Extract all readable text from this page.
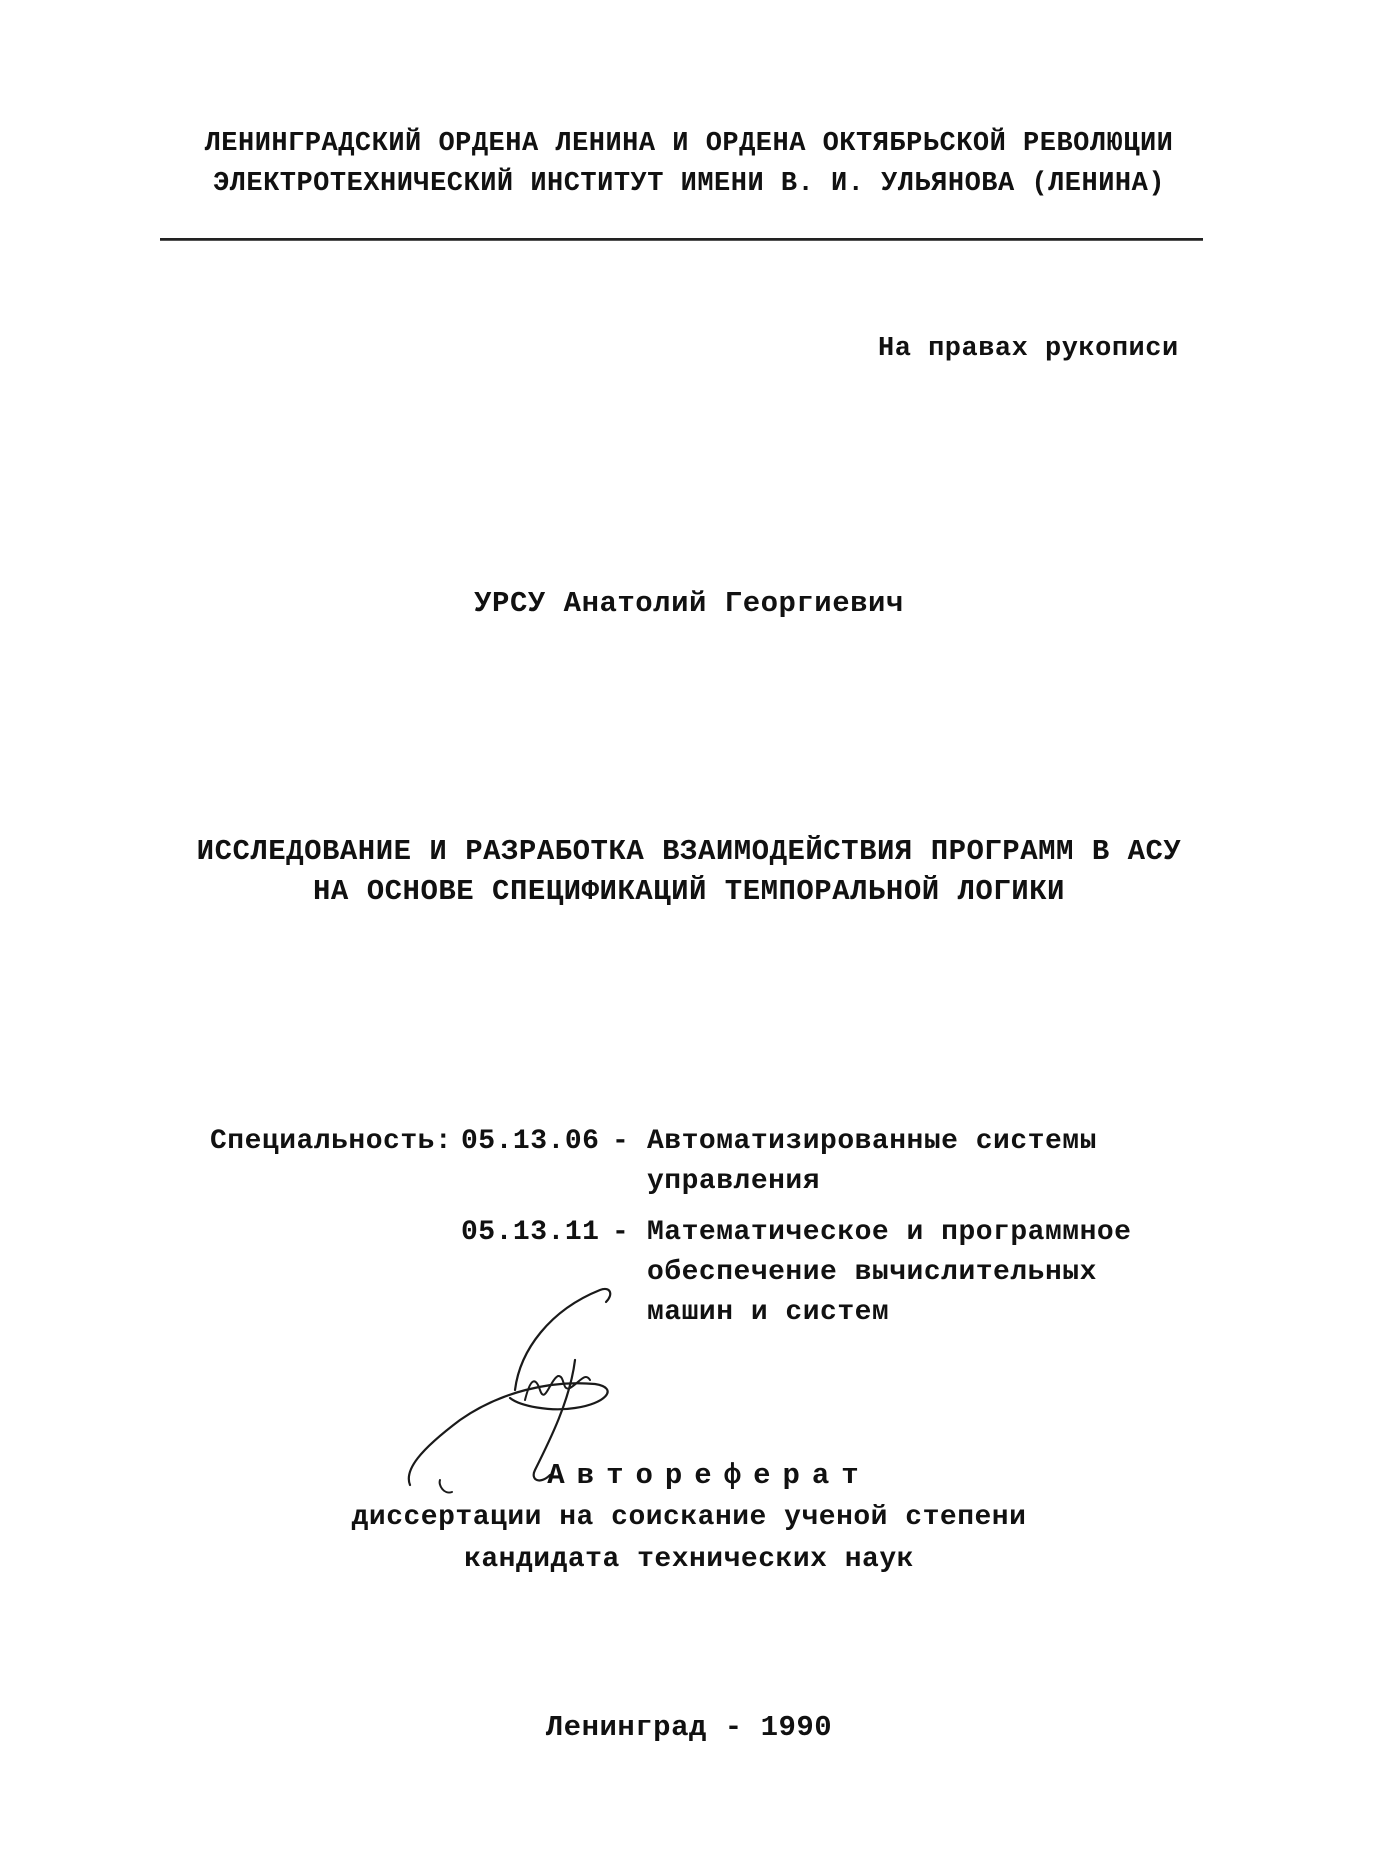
ЛЕНИНГРАДСКИЙ ОРДЕНА ЛЕНИНА И ОРДЕНА ОКТЯБРЬСКОЙ РЕВОЛЮЦИИ
ЭЛЕКТРОТЕХНИЧЕСКИЙ ИНСТИТУТ ИМЕНИ В. И. УЛЬЯНОВА (ЛЕНИНА)
На правах рукописи
УРСУ Анатолий Георгиевич
ИССЛЕДОВАНИЕ И РАЗРАБОТКА ВЗАИМОДЕЙСТВИЯ ПРОГРАММ В АСУ
НА ОСНОВЕ СПЕЦИФИКАЦИЙ ТЕМПОРАЛЬНОЙ ЛОГИКИ
Специальность: 05.13.06 - Автоматизированные системы
управления
05.13.11 - Математическое и программное
обеспечение вычислительных
машин и систем
Автореферат
диссертации на соискание ученой степени
кандидата технических наук
Ленинград - 1990
